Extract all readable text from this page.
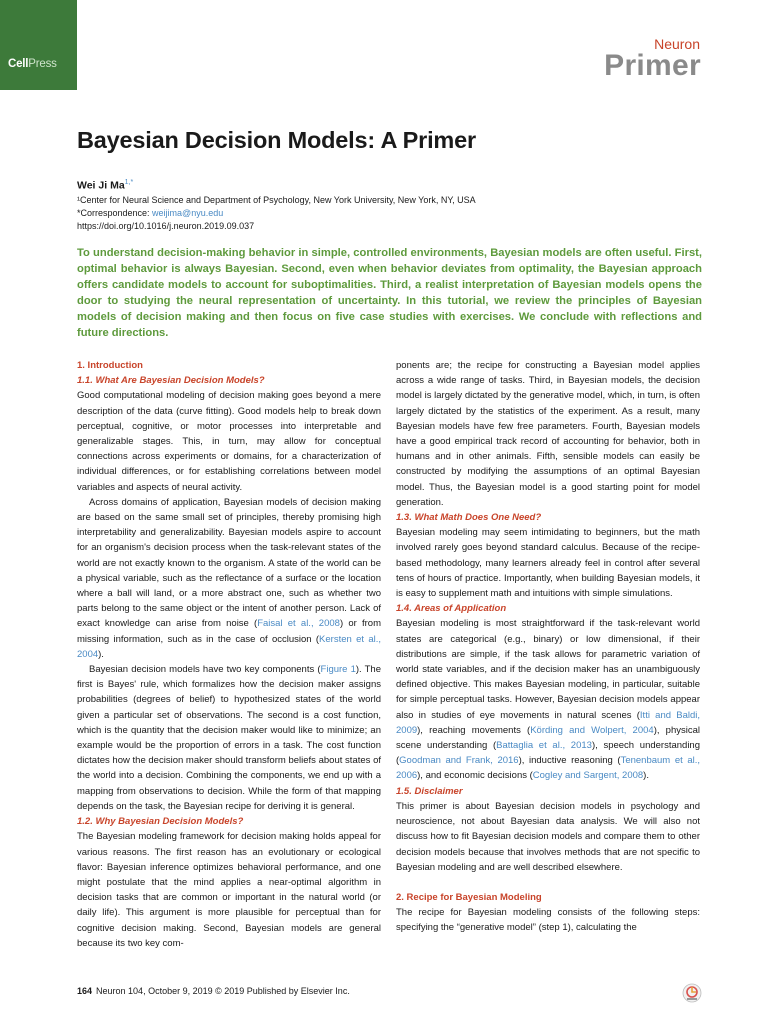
CellPress
Neuron
Primer
Bayesian Decision Models: A Primer
Wei Ji $Ma^{1,*}$
¹Center for Neural Science and Department of Psychology, New York University, New York, NY, USA
*Correspondence: weijima@nyu.edu
https://doi.org/10.1016/j.neuron.2019.09.037

To understand decision-making behavior in simple, controlled environments, Bayesian models are often useful. First, optimal behavior is always Bayesian. Second, even when behavior deviates from optimality, the Bayesian approach offers candidate models to account for suboptimalities. Third, a realist interpretation of Bayesian models opens the door to studying the neural representation of uncertainty. In this tutorial, we review the principles of Bayesian models of decision making and then focus on five case studies with exercises. We conclude with reflections and future directions.

1. Introduction

1.1. What Are Bayesian Decision Models?

Good computational modeling of decision making goes beyond a mere description of the data (curve fitting). Good models help to break down perceptual, cognitive, or motor processes into interpretable and generalizable stages. This, in turn, may allow for conceptual connections across experiments or domains, for a characterization of individual differences, or for establishing correlations between model variables and aspects of neural activity.

Across domains of application, Bayesian models of decision making are based on the same small set of principles, thereby promising high interpretability and generalizability. Bayesian models aspire to account for an organism's decision process when the task-relevant states of the world are not exactly known to the organism. A state of the world can be a physical variable, such as the reflectance of a surface or the location where a ball will land, or a more abstract one, such as whether two parts belong to the same object or the intent of another person. Lack of exact knowledge can arise from noise (Faisal et al., 2008) or from missing information, such as in the case of occlusion (Kersten et al., 2004).

Bayesian decision models have two key components (Figure 1). The first is Bayes' rule, which formalizes how the decision maker assigns probabilities (degrees of belief) to hypothesized states of the world given a particular set of observations. The second is a cost function, which is the quantity that the decision maker would like to minimize; an example would be the proportion of errors in a task. The cost function dictates how the decision maker should transform beliefs about states of the world into a decision. Combining the components, we end up with a mapping from observations to decision. While the form of that mapping depends on the task, the Bayesian recipe for deriving it is general.

1.2. Why Bayesian Decision Models?

The Bayesian modeling framework for decision making holds appeal for various reasons. The first reason has an evolutionary or ecological flavor: Bayesian inference optimizes behavioral performance, and one might postulate that the mind applies a near-optimal algorithm in decision tasks that are common or important in the natural world (or daily life). This argument is more plausible for perceptual than for cognitive decision making. Second, Bayesian models are general because its two key com-

ponents are; the recipe for constructing a Bayesian model applies across a wide range of tasks. Third, in Bayesian models, the decision model is largely dictated by the generative model, which, in turn, is often largely dictated by the statistics of the experiment. As a result, many Bayesian models have few free parameters. Fourth, Bayesian models have a good empirical track record of accounting for behavior, both in humans and in other animals. Fifth, sensible models can easily be constructed by modifying the assumptions of an optimal Bayesian model. Thus, the Bayesian model is a good starting point for model generation.

1.3. What Math Does One Need?

Bayesian modeling may seem intimidating to beginners, but the math involved rarely goes beyond standard calculus. Because of the recipe-based methodology, many learners already feel in control after several tens of hours of practice. Importantly, when building Bayesian models, it is easy to supplement math and intuitions with simple simulations.

1.4. Areas of Application

Bayesian modeling is most straightforward if the task-relevant world states are categorical (e.g., binary) or low dimensional, if their distributions are simple, if the task allows for parametric variation of world state variables, and if the decision maker has an unambiguously defined objective. This makes Bayesian modeling, in particular, suitable for simple perceptual tasks. However, Bayesian decision models appear also in studies of eye movements in natural scenes (Itti and Baldi, 2009), reaching movements (Körding and Wolpert, 2004), physical scene understanding (Battaglia et al., 2013), speech understanding (Goodman and Frank, 2016), inductive reasoning (Tenenbaum et al., 2006), and economic decisions (Cogley and Sargent, 2008).

1.5. Disclaimer

This primer is about Bayesian decision models in psychology and neuroscience, not about Bayesian data analysis. We will also not discuss how to fit Bayesian decision models and compare them to other decision models because that involves methods that are not specific to Bayesian modeling and are well described elsewhere.

2. Recipe for Bayesian Modeling

The recipe for Bayesian modeling consists of the following steps: specifying the “generative model” (step 1), calculating the

164 Neuron 104, October 9, 2019 © 2019 Published by Elsevier Inc.
